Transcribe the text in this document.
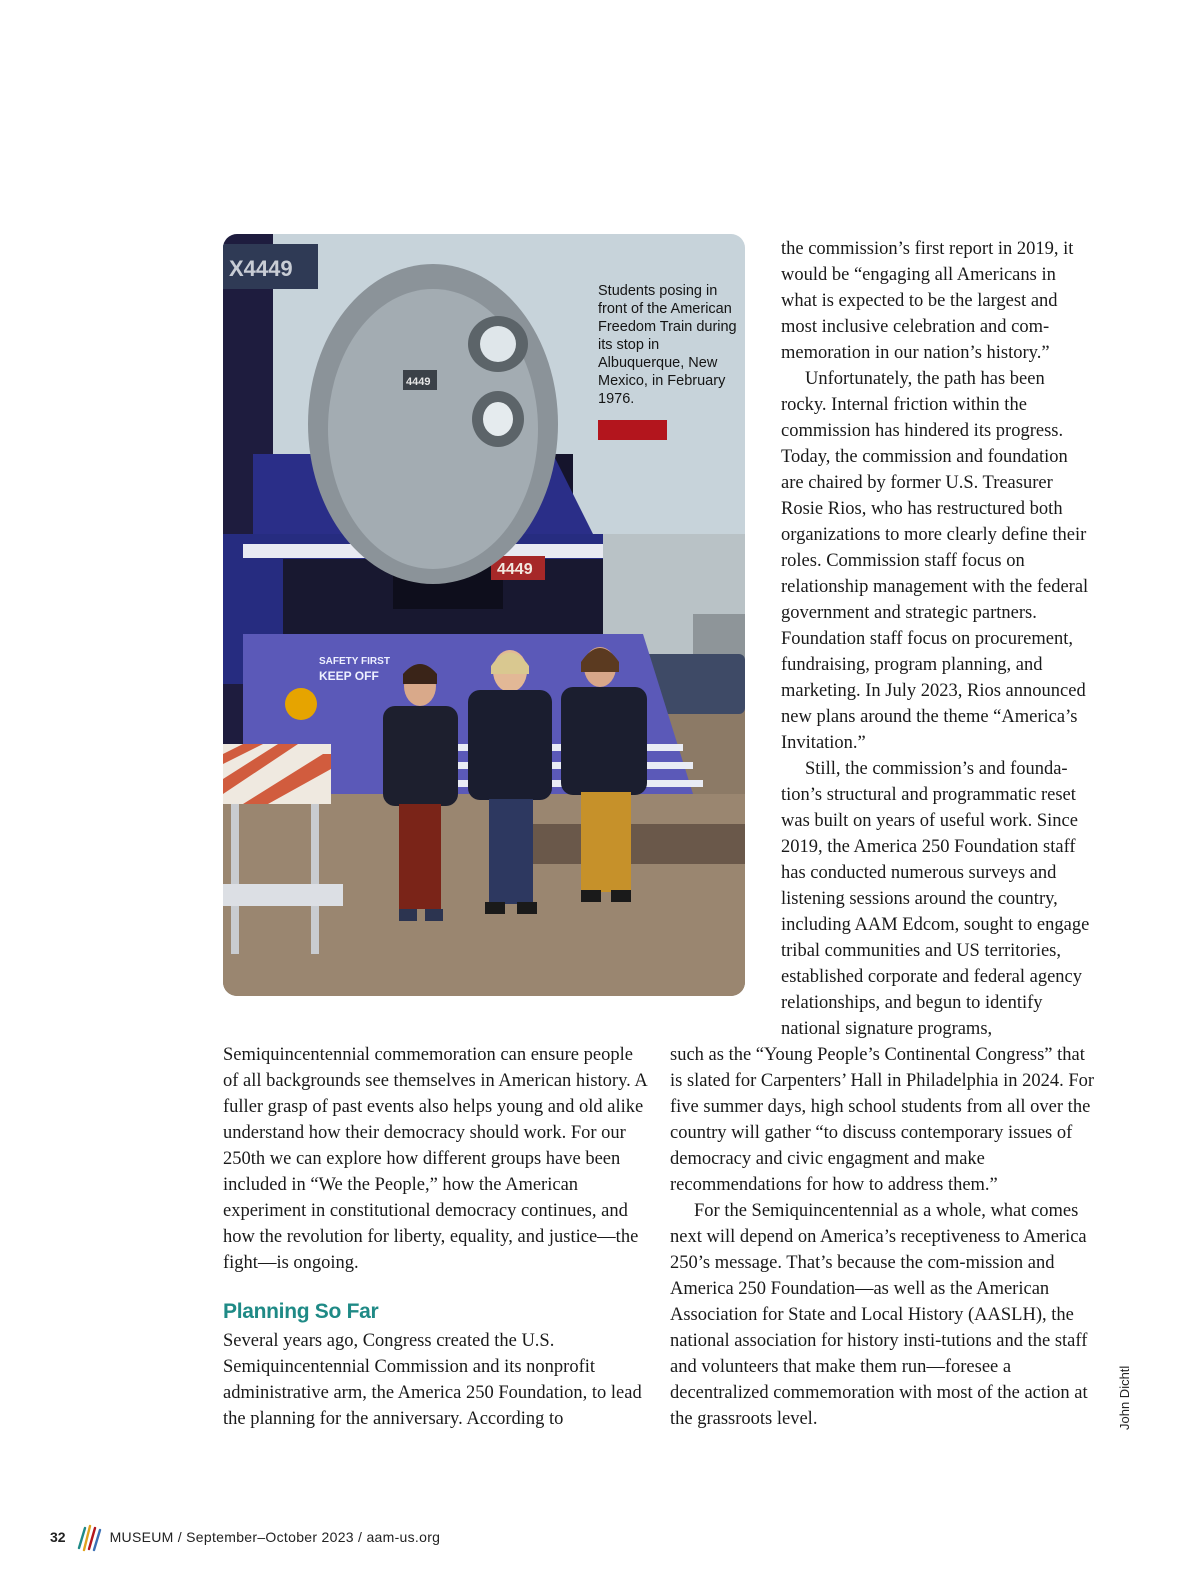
X4449
4449
4449
SAFETY FIRST
KEEP OFF
Students posing in front of the American Freedom Train during its stop in Albuquerque, New Mexico, in February 1976.

the commission’s first report in 2019, it would be “engaging all Americans in what is expected to be the largest and most inclusive celebration and com-memoration in our nation’s history.”

Unfortunately, the path has been rocky. Internal friction within the commission has hindered its progress. Today, the commission and foundation are chaired by former U.S. Treasurer Rosie Rios, who has restructured both organizations to more clearly define their roles. Commission staff focus on relationship management with the federal government and strategic partners. Foundation staff focus on procurement, fundraising, program planning, and marketing. In July 2023, Rios announced new plans around the theme “America’s Invitation.”

Still, the commission’s and founda-tion’s structural and programmatic reset was built on years of useful work. Since 2019, the America 250 Foundation staff has conducted numerous surveys and listening sessions around the country, including AAM Edcom, sought to engage tribal communities and US territories, established corporate and federal agency relationships, and begun to identify national signature programs,

Semiquincentennial commemoration can ensure people of all backgrounds see themselves in American history. A fuller grasp of past events also helps young and old alike understand how their democracy should work. For our 250th we can explore how different groups have been included in “We the People,” how the American experiment in constitutional democracy continues, and how the revolution for liberty, equality, and justice—the fight—is ongoing.

Planning So Far

Several years ago, Congress created the U.S. Semiquincentennial Commission and its nonprofit administrative arm, the America 250 Foundation, to lead the planning for the anniversary. According to

such as the “Young People’s Continental Congress” that is slated for Carpenters’ Hall in Philadelphia in 2024. For five summer days, high school students from all over the country will gather “to discuss contemporary issues of democracy and civic engagment and make recommendations for how to address them.”

For the Semiquincentennial as a whole, what comes next will depend on America’s receptiveness to America 250’s message. That’s because the com-mission and America 250 Foundation—as well as the American Association for State and Local History (AASLH), the national association for history insti-tutions and the staff and volunteers that make them run—foresee a decentralized commemoration with most of the action at the grassroots level.	John Dichtl
32	MUSEUM / September–October 2023 / aam-us.org
